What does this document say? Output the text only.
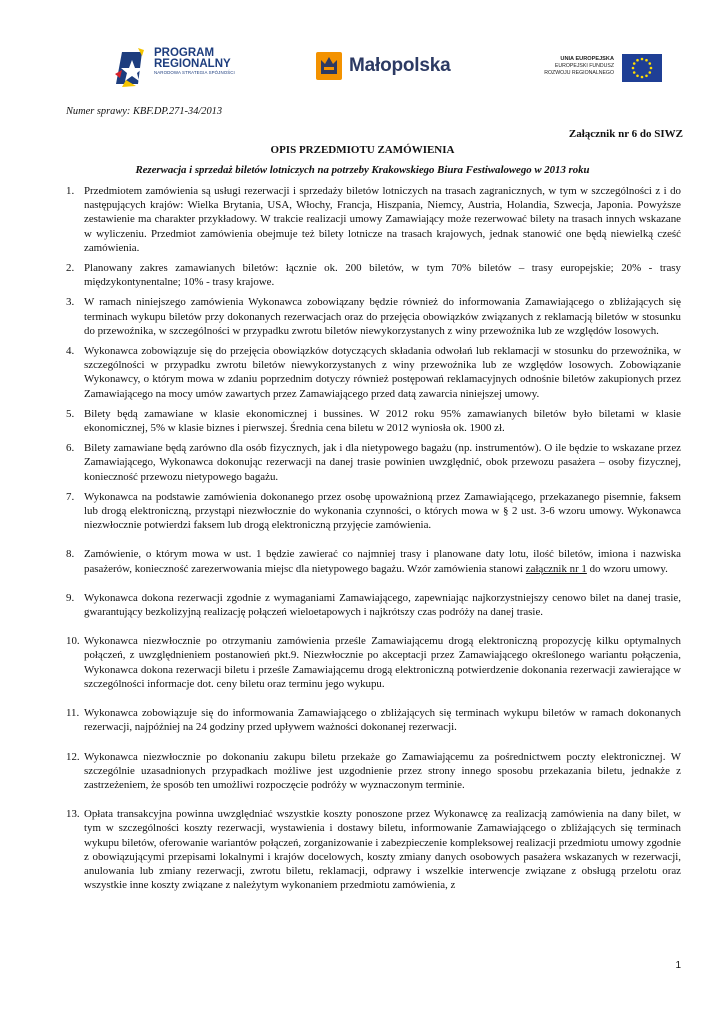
PROGRAM
REGIONALNY
NARODOWA STRATEGIA SPÓJNOŚCI	Małopolska	UNIA EUROPEJSKA
EUROPEJSKI FUNDUSZ
ROZWOJU REGIONALNEGO
Numer sprawy: KBF.DP.271-34/2013
Załącznik nr 6 do SIWZ
OPIS PRZEDMIOTU ZAMÓWIENIA
Rezerwacja i sprzedaż biletów lotniczych na potrzeby Krakowskiego Biura Festiwalowego w 2013 roku
1. Przedmiotem zamówienia są usługi rezerwacji i sprzedaży biletów lotniczych na trasach zagranicznych, w tym w szczególności z i do następujących krajów: Wielka Brytania, USA, Włochy, Francja, Hiszpania, Niemcy, Austria, Holandia, Szwecja, Japonia. Powyższe zestawienie ma charakter przykładowy. W trakcie realizacji umowy Zamawiający może rezerwować bilety na trasach innych wskazane w wyliczeniu. Przedmiot zamówienia obejmuje też bilety lotnicze na trasach krajowych, jednak stanowić one będą niewielką cześć zamówienia.
2. Planowany zakres zamawianych biletów: łącznie ok. 200 biletów, w tym 70% biletów – trasy europejskie; 20% - trasy międzykontynentalne; 10% - trasy krajowe.
3. W ramach niniejszego zamówienia Wykonawca zobowiązany będzie również do informowania Zamawiającego o zbliżających się terminach wykupu biletów przy dokonanych rezerwacjach oraz do przejęcia obowiązków związanych z reklamacją biletów w stosunku do przewoźnika, w szczególności w przypadku zwrotu biletów niewykorzystanych z winy przewoźnika lub ze względów losowych.
4. Wykonawca zobowiązuje się do przejęcia obowiązków dotyczących składania odwołań lub reklamacji w stosunku do przewoźnika, w szczególności w przypadku zwrotu biletów niewykorzystanych z winy przewoźnika lub ze względów losowych. Zobowiązanie Wykonawcy, o którym mowa w zdaniu poprzednim dotyczy również postępowań reklamacyjnych odnośnie biletów zakupionych przez Zamawiającego na mocy umów zawartych przez Zamawiającego przed datą zawarcia niniejszej umowy.
5. Bilety będą zamawiane w klasie ekonomicznej i bussines. W 2012 roku 95% zamawianych biletów było biletami w klasie ekonomicznej, 5% w klasie biznes i pierwszej. Średnia cena biletu w 2012 wyniosła ok. 1900 zł.
6. Bilety zamawiane będą zarówno dla osób fizycznych, jak i dla nietypowego bagażu (np. instrumentów). O ile będzie to wskazane przez Zamawiającego, Wykonawca dokonując rezerwacji na danej trasie powinien uwzględnić, obok przewozu pasażera – osoby fizycznej, konieczność przewozu nietypowego bagażu.
7. Wykonawca na podstawie zamówienia dokonanego przez osobę upoważnioną przez Zamawiającego, przekazanego pisemnie, faksem lub drogą elektroniczną, przystąpi niezwłocznie do wykonania czynności, o których mowa w § 2 ust. 3-6 wzoru umowy. Wykonawca niezwłocznie potwierdzi faksem lub drogą elektroniczną przyjęcie zamówienia.
8. Zamówienie, o którym mowa w ust. 1 będzie zawierać co najmniej trasy i planowane daty lotu, ilość biletów, imiona i nazwiska pasażerów, konieczność zarezerwowania miejsc dla nietypowego bagażu. Wzór zamówienia stanowi załącznik nr 1 do wzoru umowy.
9. Wykonawca dokona rezerwacji zgodnie z wymaganiami Zamawiającego, zapewniając najkorzystniejszy cenowo bilet na danej trasie, gwarantujący bezkolizyjną realizację połączeń wieloetapowych i najkrótszy czas podróży na danej trasie.
10. Wykonawca niezwłocznie po otrzymaniu zamówienia prześle Zamawiającemu drogą elektroniczną propozycję kilku optymalnych połączeń, z uwzględnieniem postanowień pkt.9. Niezwłocznie po akceptacji przez Zamawiającego określonego wariantu połączenia, Wykonawca dokona rezerwacji biletu i prześle Zamawiającemu drogą elektroniczną potwierdzenie dokonania rezerwacji zawierające w szczególności informacje dot. ceny biletu oraz terminu jego wykupu.
11. Wykonawca zobowiązuje się do informowania Zamawiającego o zbliżających się terminach wykupu biletów w ramach dokonanych rezerwacji, najpóźniej na 24 godziny przed upływem ważności dokonanej rezerwacji.
12. Wykonawca niezwłocznie po dokonaniu zakupu biletu przekaże go Zamawiającemu za pośrednictwem poczty elektronicznej. W szczególnie uzasadnionych przypadkach możliwe jest uzgodnienie przez strony innego sposobu przekazania biletu, jednakże z zastrzeżeniem, że sposób ten umożliwi rozpoczęcie podróży w wyznaczonym terminie.
13. Opłata transakcyjna powinna uwzględniać wszystkie koszty ponoszone przez Wykonawcę za realizacją zamówienia na dany bilet, w tym w szczególności koszty rezerwacji, wystawienia i dostawy biletu, informowanie Zamawiającego o zbliżających się terminach wykupu biletów, oferowanie wariantów połączeń, zorganizowanie i zabezpieczenie kompleksowej realizacji przedmiotu umowy zgodnie z obowiązującymi przepisami lokalnymi i krajów docelowych, koszty zmiany danych osobowych pasażera wskazanych w rezerwacji, anulowania lub zmiany rezerwacji, zwrotu biletu, reklamacji, odprawy i wszelkie interwencje związane z obsługą przelotu oraz wszystkie inne koszty związane z należytym wykonaniem przedmiotu zamówienia, z
1
